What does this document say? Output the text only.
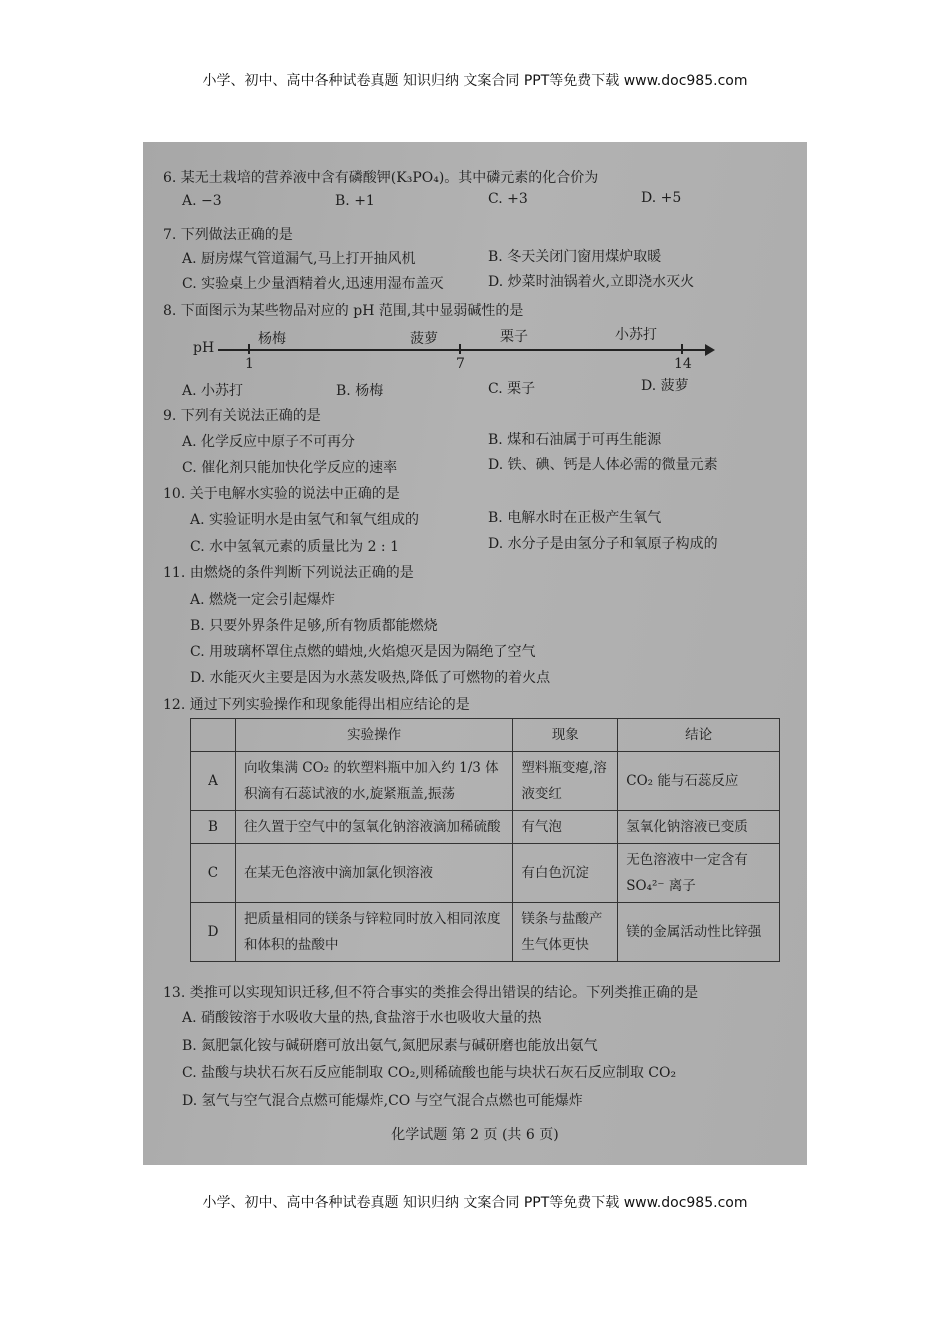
小学、初中、高中各种试卷真题 知识归纳 文案合同 PPT等免费下载 www.doc985.com
6. 某无土栽培的营养液中含有磷酸钾(K₃PO₄)。其中磷元素的化合价为
A. −3	B. +1	C. +3	D. +5
7. 下列做法正确的是
A. 厨房煤气管道漏气,马上打开抽风机	B. 冬天关闭门窗用煤炉取暖
C. 实验桌上少量酒精着火,迅速用湿布盖灭	D. 炒菜时油锅着火,立即浇水灭火
8. 下面图示为某些物品对应的 pH 范围,其中显弱碱性的是
pH
1	7	14
杨梅	菠萝	栗子	小苏打
A. 小苏打	B. 杨梅	C. 栗子	D. 菠萝
9. 下列有关说法正确的是
A. 化学反应中原子不可再分	B. 煤和石油属于可再生能源
C. 催化剂只能加快化学反应的速率	D. 铁、碘、钙是人体必需的微量元素
10. 关于电解水实验的说法中正确的是
A. 实验证明水是由氢气和氧气组成的	B. 电解水时在正极产生氧气
C. 水中氢氧元素的质量比为 2 : 1	D. 水分子是由氢分子和氧原子构成的
11. 由燃烧的条件判断下列说法正确的是
A. 燃烧一定会引起爆炸
B. 只要外界条件足够,所有物质都能燃烧
C. 用玻璃杯罩住点燃的蜡烛,火焰熄灭是因为隔绝了空气
D. 水能灭火主要是因为水蒸发吸热,降低了可燃物的着火点
12. 通过下列实验操作和现象能得出相应结论的是
	实验操作	现象	结论
A	向收集满 CO₂ 的软塑料瓶中加入约 1/3 体积滴有石蕊试液的水,旋紧瓶盖,振荡	塑料瓶变瘪,溶液变红	CO₂ 能与石蕊反应
B	往久置于空气中的氢氧化钠溶液滴加稀硫酸	有气泡	氢氧化钠溶液已变质
C	在某无色溶液中滴加氯化钡溶液	有白色沉淀	无色溶液中一定含有 SO₄²⁻ 离子
D	把质量相同的镁条与锌粒同时放入相同浓度和体积的盐酸中	镁条与盐酸产生气体更快	镁的金属活动性比锌强
13. 类推可以实现知识迁移,但不符合事实的类推会得出错误的结论。下列类推正确的是
A. 硝酸铵溶于水吸收大量的热,食盐溶于水也吸收大量的热
B. 氮肥氯化铵与碱研磨可放出氨气,氮肥尿素与碱研磨也能放出氨气
C. 盐酸与块状石灰石反应能制取 CO₂,则稀硫酸也能与块状石灰石反应制取 CO₂
D. 氢气与空气混合点燃可能爆炸,CO 与空气混合点燃也可能爆炸
化学试题 第 2 页 (共 6 页)
小学、初中、高中各种试卷真题 知识归纳 文案合同 PPT等免费下载 www.doc985.com
